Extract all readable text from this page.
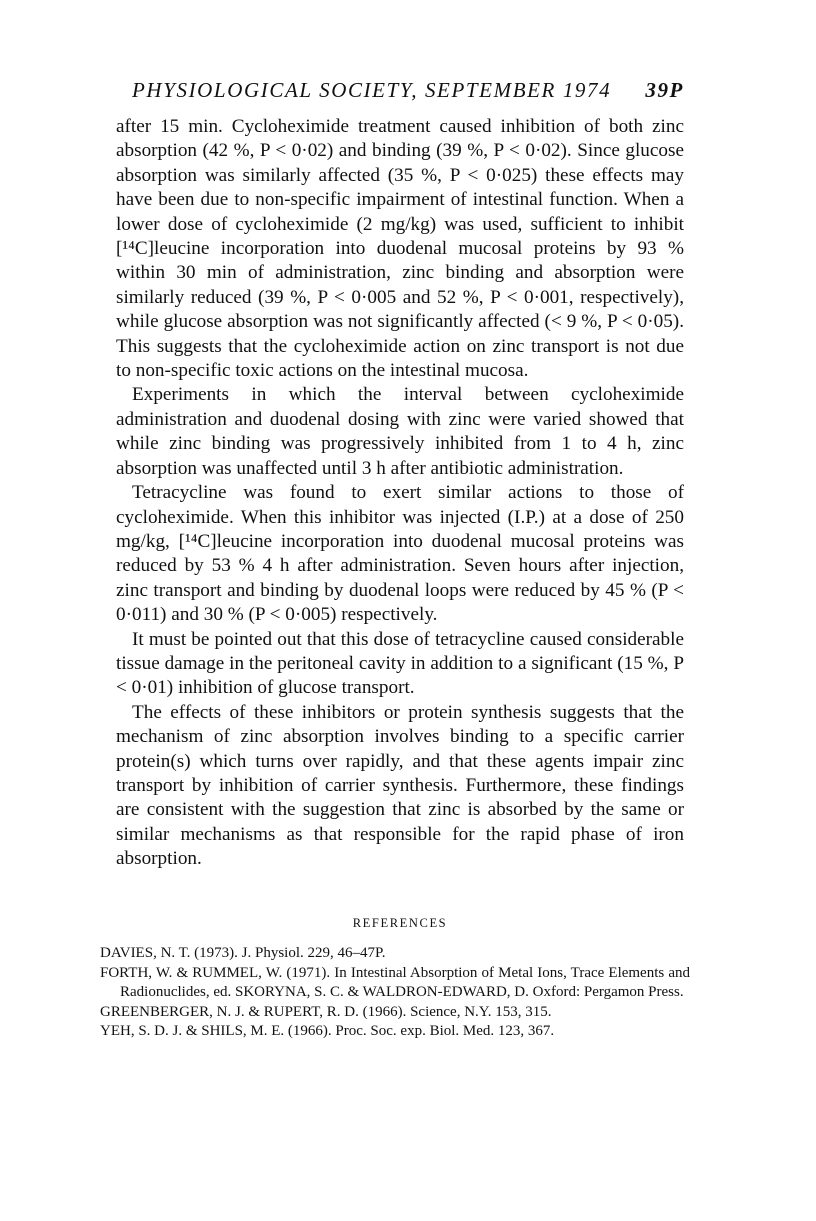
PHYSIOLOGICAL SOCIETY, SEPTEMBER 1974 39P

after 15 min. Cycloheximide treatment caused inhibition of both zinc absorption (42 %, P < 0·02) and binding (39 %, P < 0·02). Since glucose absorption was similarly affected (35 %, P < 0·025) these effects may have been due to non-specific impairment of intestinal function. When a lower dose of cycloheximide (2 mg/kg) was used, sufficient to inhibit [¹⁴C]leucine incorporation into duodenal mucosal proteins by 93 % within 30 min of administration, zinc binding and absorption were similarly reduced (39 %, P < 0·005 and 52 %, P < 0·001, respectively), while glucose absorption was not significantly affected (< 9 %, P < 0·05). This suggests that the cycloheximide action on zinc transport is not due to non-specific toxic actions on the intestinal mucosa.

Experiments in which the interval between cycloheximide administration and duodenal dosing with zinc were varied showed that while zinc binding was progressively inhibited from 1 to 4 h, zinc absorption was unaffected until 3 h after antibiotic administration.

Tetracycline was found to exert similar actions to those of cycloheximide. When this inhibitor was injected (I.P.) at a dose of 250 mg/kg, [¹⁴C]leucine incorporation into duodenal mucosal proteins was reduced by 53 % 4 h after administration. Seven hours after injection, zinc transport and binding by duodenal loops were reduced by 45 % (P < 0·011) and 30 % (P < 0·005) respectively.

It must be pointed out that this dose of tetracycline caused considerable tissue damage in the peritoneal cavity in addition to a significant (15 %, P < 0·01) inhibition of glucose transport.

The effects of these inhibitors or protein synthesis suggests that the mechanism of zinc absorption involves binding to a specific carrier protein(s) which turns over rapidly, and that these agents impair zinc transport by inhibition of carrier synthesis. Furthermore, these findings are consistent with the suggestion that zinc is absorbed by the same or similar mechanisms as that responsible for the rapid phase of iron absorption.

REFERENCES
DAVIES, N. T. (1973). J. Physiol. 229, 46–47P.
FORTH, W. & RUMMEL, W. (1971). In Intestinal Absorption of Metal Ions, Trace Elements and Radionuclides, ed. SKORYNA, S. C. & WALDRON-EDWARD, D. Oxford: Pergamon Press.
GREENBERGER, N. J. & RUPERT, R. D. (1966). Science, N.Y. 153, 315.
YEH, S. D. J. & SHILS, M. E. (1966). Proc. Soc. exp. Biol. Med. 123, 367.
